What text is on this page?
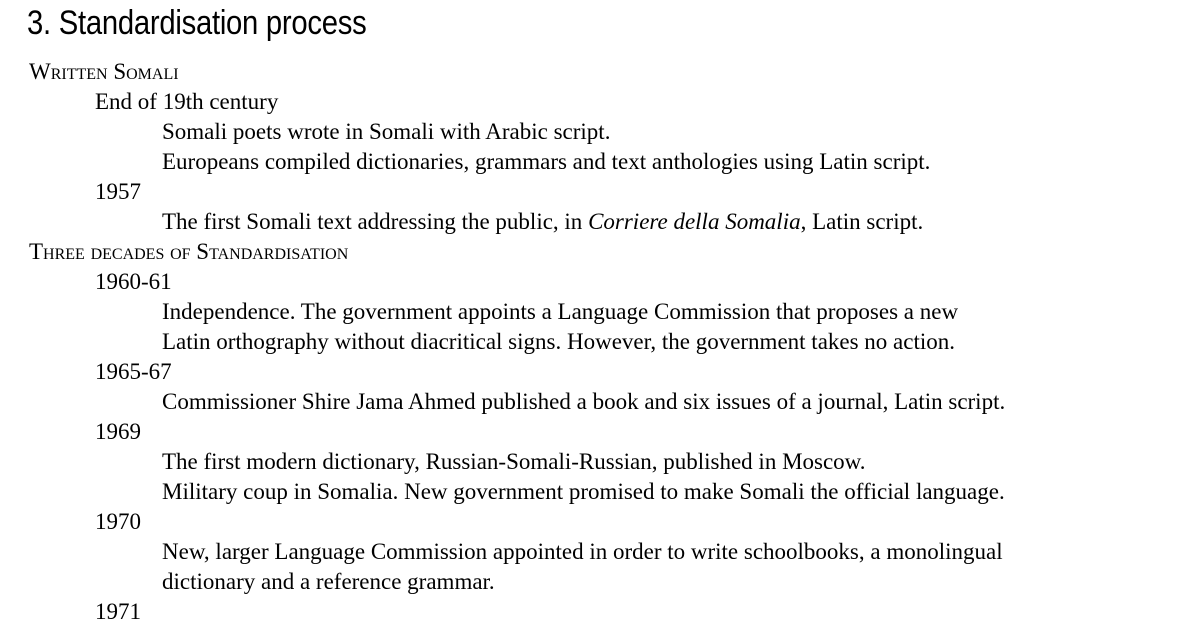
3. Standardisation process
Written Somali
End of 19th century
Somali poets wrote in Somali with Arabic script.
Europeans compiled dictionaries, grammars and text anthologies using Latin script.
1957
The first Somali text addressing the public, in Corriere della Somalia, Latin script.
Three decades of Standardisation
1960-61
Independence. The government appoints a Language Commission that proposes a new
Latin orthography without diacritical signs. However, the government takes no action.
1965-67
Commissioner Shire Jama Ahmed published a book and six issues of a journal, Latin script.
1969
The first modern dictionary, Russian-Somali-Russian, published in Moscow.
Military coup in Somalia. New government promised to make Somali the official language.
1970
New, larger Language Commission appointed in order to write schoolbooks, a monolingual
dictionary and a reference grammar.
1971
